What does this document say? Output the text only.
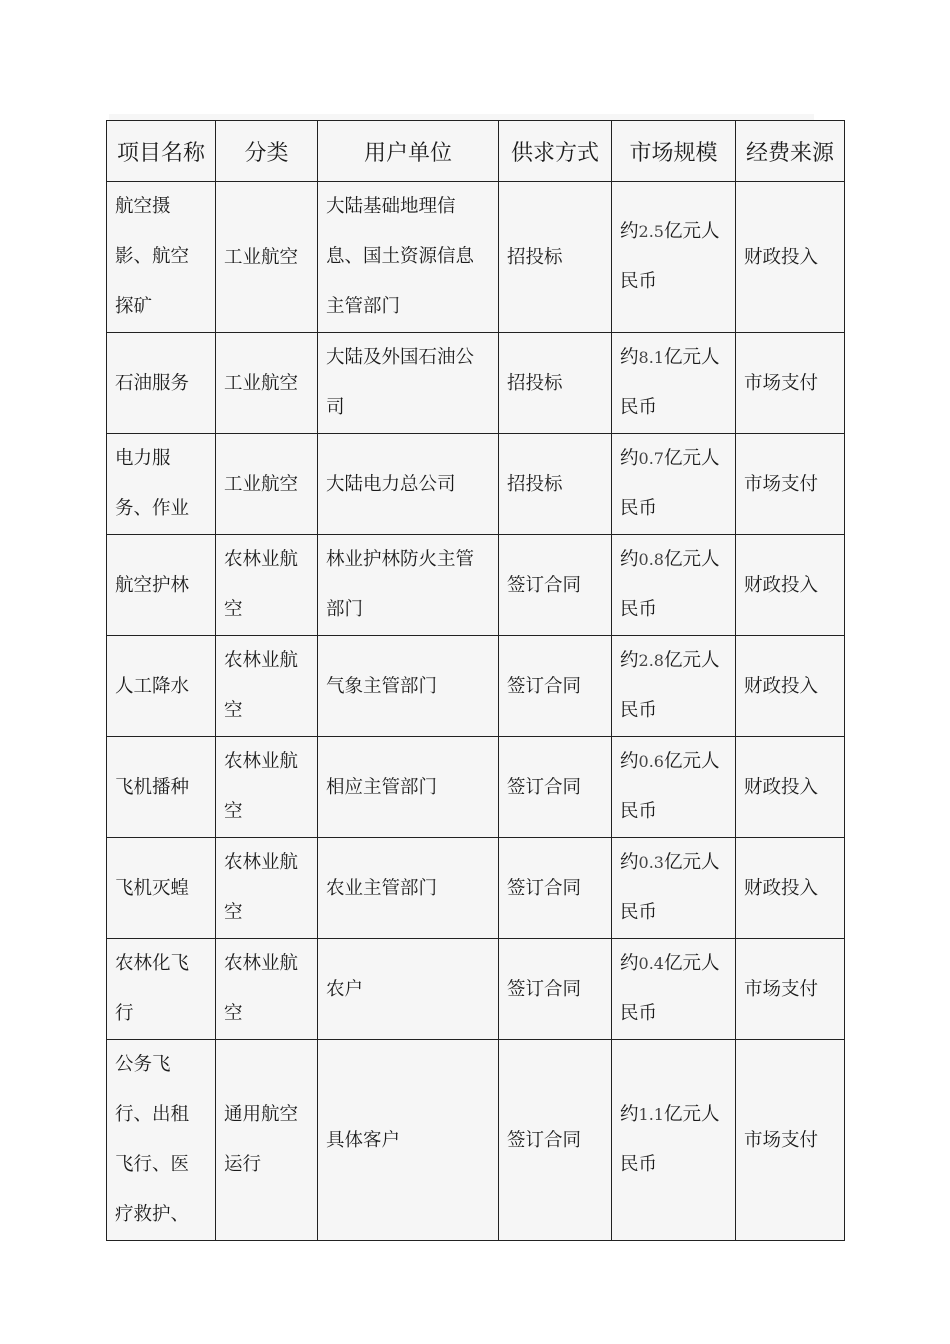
项目名称	分类	用户单位	供求方式	市场规模	经费来源
航空摄影、航空探矿	工业航空	大陆基础地理信息、国土资源信息主管部门	招投标	约2.5亿元人民币	财政投入
石油服务	工业航空	大陆及外国石油公司	招投标	约8.1亿元人民币	市场支付
电力服务、作业	工业航空	大陆电力总公司	招投标	约0.7亿元人民币	市场支付
航空护林	农林业航空	林业护林防火主管部门	签订合同	约0.8亿元人民币	财政投入
人工降水	农林业航空	气象主管部门	签订合同	约2.8亿元人民币	财政投入
飞机播种	农林业航空	相应主管部门	签订合同	约0.6亿元人民币	财政投入
飞机灭蝗	农林业航空	农业主管部门	签订合同	约0.3亿元人民币	财政投入
农林化飞行	农林业航空	农户	签订合同	约0.4亿元人民币	市场支付
公务飞行、出租飞行、医疗救护、	通用航空运行	具体客户	签订合同	约1.1亿元人民币	市场支付
